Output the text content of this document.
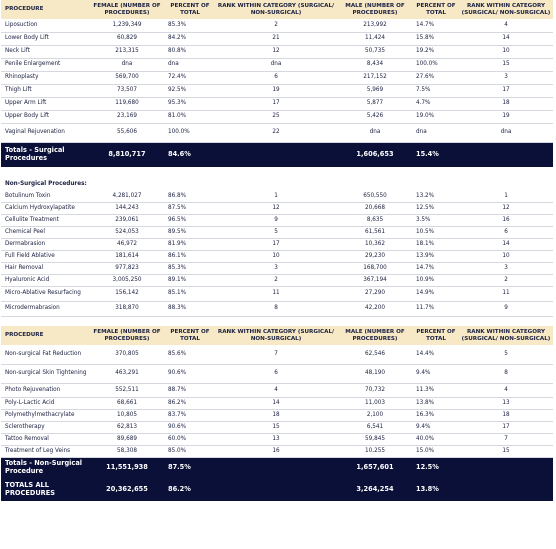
PROCEDURE	FEMALE (NUMBER OF PROCEDURES)	PERCENT OF TOTAL	RANK WITHIN CATEGORY (SURGICAL/ NON-SURGICAL)	MALE (NUMBER OF PROCEDURES)	PERCENT OF TOTAL	RANK WITHIN CATEGORY (SURGICAL/ NON-SURGICAL)
Liposuction	1,239,349	85.3%	2	213,992	14.7%	4
Lower Body Lift	60,829	84.2%	21	11,424	15.8%	14
Neck Lift	213,315	80.8%	12	50,735	19.2%	10
Penile Enlargement	dna	dna	dna	8,434	100.0%	15
Rhinoplasty	569,700	72.4%	6	217,152	27.6%	3
Thigh Lift	73,507	92.5%	19	5,969	7.5%	17
Upper Arm Lift	119,680	95.3%	17	5,877	4.7%	18
Upper Body Lift	23,169	81.0%	25	5,426	19.0%	19
Vaginal Rejuvenation	55,606	100.0%	22	dna	dna	dna
Totals - Surgical Procedures	8,810,717	84.6%		1,606,653	15.4%	

Non-Surgical Procedures:						
Botulinum Toxin	4,281,027	86.8%	1	650,550	13.2%	1
Calcium Hydroxylapatite	144,243	87.5%	12	20,668	12.5%	12
Cellulite Treatment	239,061	96.5%	9	8,635	3.5%	16
Chemical Peel	524,053	89.5%	5	61,561	10.5%	6
Dermabrasion	46,972	81.9%	17	10,362	18.1%	14
Full Field Ablative	181,614	86.1%	10	29,230	13.9%	10
Hair Removal	977,823	85.3%	3	168,700	14.7%	3
Hyaluronic Acid	3,005,250	89.1%	2	367,194	10.9%	2
Micro-Ablative Resurfacing	156,142	85.1%	11	27,290	14.9%	11
Microdermabrasion	318,870	88.3%	8	42,200	11.7%	9

PROCEDURE	FEMALE (NUMBER OF PROCEDURES)	PERCENT OF TOTAL	RANK WITHIN CATEGORY (SURGICAL/ NON-SURGICAL)	MALE (NUMBER OF PROCEDURES)	PERCENT OF TOTAL	RANK WITHIN CATEGORY (SURGICAL/ NON-SURGICAL)
Non-surgical Fat Reduction	370,805	85.6%	7	62,546	14.4%	5
Non-surgical Skin Tightening	463,291	90.6%	6	48,190	9.4%	8
Photo Rejuvenation	552,511	88.7%	4	70,732	11.3%	4
Poly-L-Lactic Acid	68,661	86.2%	14	11,003	13.8%	13
Polymethylmethacrylate	10,805	83.7%	18	2,100	16.3%	18
Sclerotherapy	62,813	90.6%	15	6,541	9.4%	17
Tattoo Removal	89,689	60.0%	13	59,845	40.0%	7
Treatment of Leg Veins	58,308	85.0%	16	10,255	15.0%	15
Totals - Non-Surgical Procedure	11,551,938	87.5%		1,657,601	12.5%	
TOTALS ALL PROCEDURES	20,362,655	86.2%		3,264,254	13.8%	
